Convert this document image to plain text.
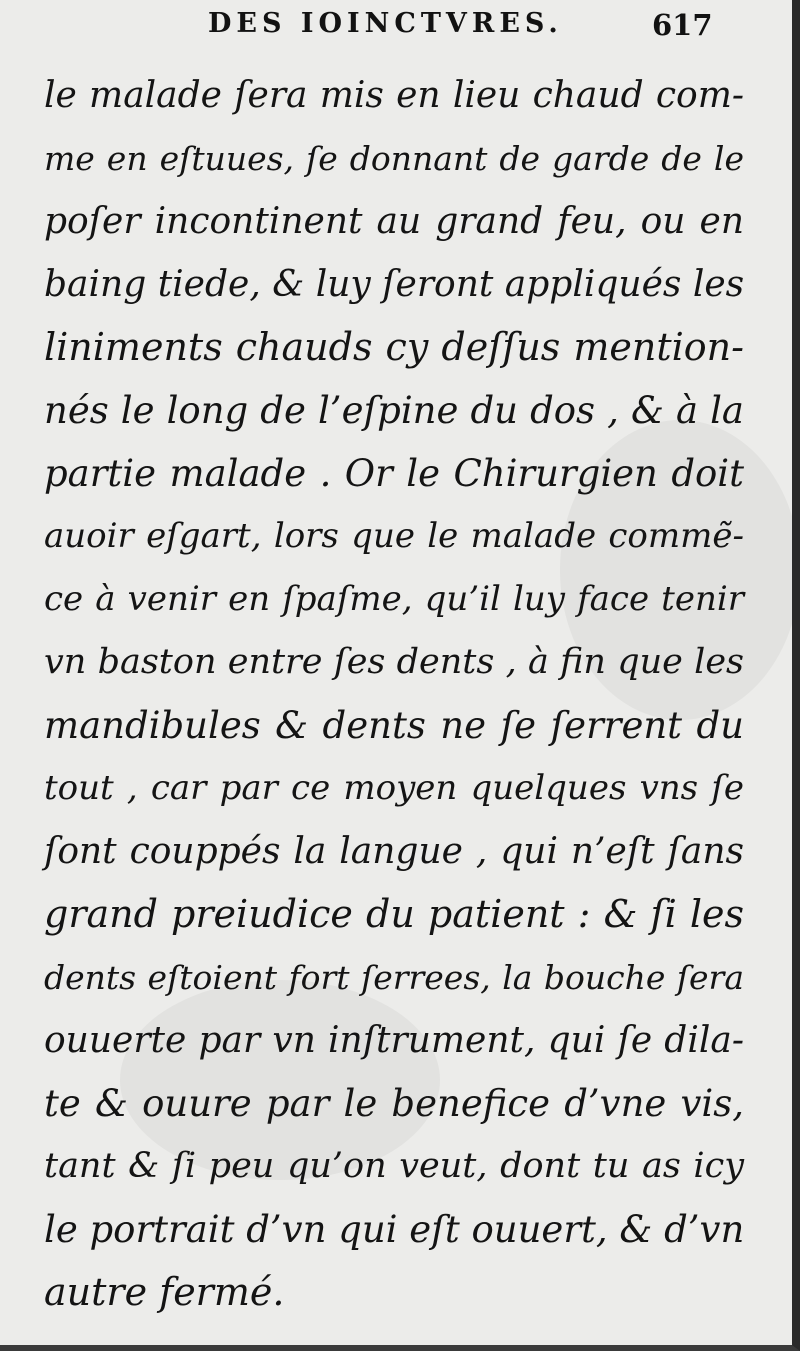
DES IOINCTVRES.	617
le malade ſera mis en lieu chaud com-
me en eſtuues, ſe donnant de garde de le
poſer incontinent au grand feu, ou en
baing tiede, & luy ſeront appliqués les
liniments chauds cy deſſus mention-
nés le long de l’eſpine du dos , & à la
partie malade . Or le Chirurgien doit
auoir eſgart, lors que le malade commẽ-
ce à venir en ſpaſme, qu’il luy face tenir
vn baston entre ſes dents , à fin que les
mandibules & dents ne ſe ſerrent du
tout , car par ce moyen quelques vns ſe
ſont couppés la langue , qui n’eſt ſans
grand preiudice du patient : & ſi les
dents eſtoient fort ſerrees, la bouche ſera
ouuerte par vn inſtrument, qui ſe dila-
te & ouure par le benefice d’vne vis,
tant & ſi peu qu’on veut, dont tu as icy
le portrait d’vn qui eſt ouuert, & d’vn
autre fermé.
